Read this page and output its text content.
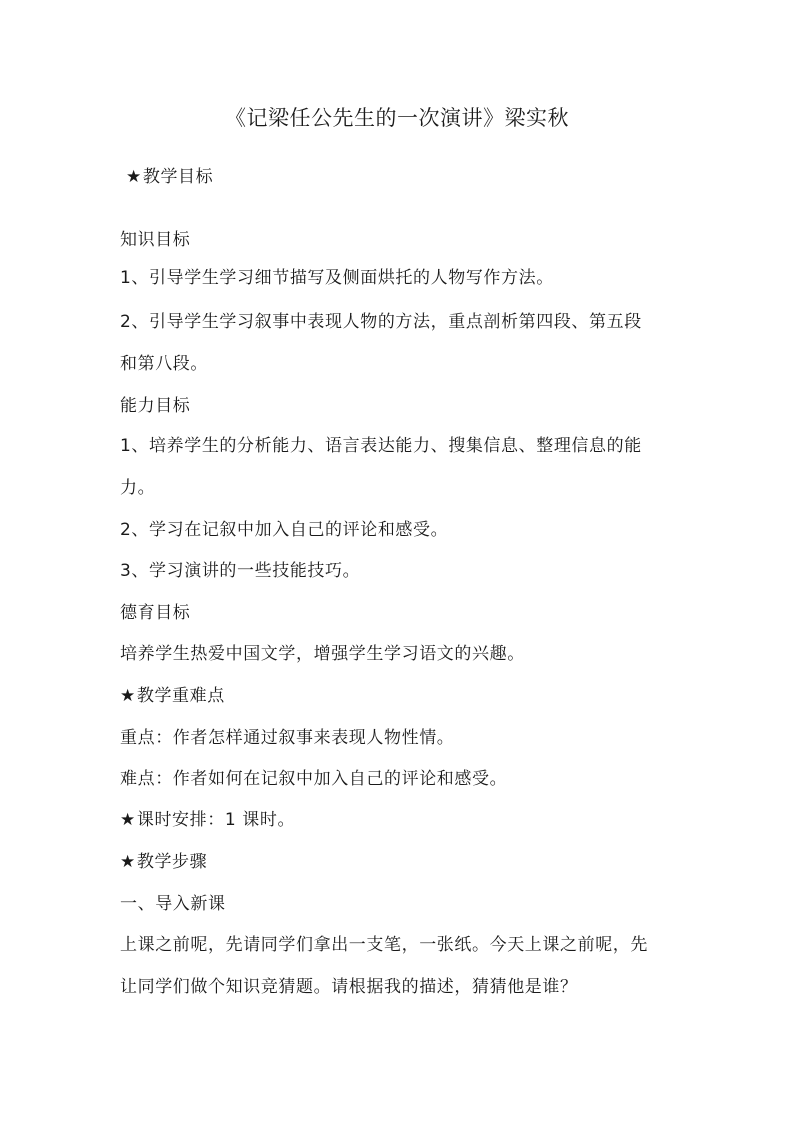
《记梁任公先生的一次演讲》梁实秋
★教学目标
知识目标
1、引导学生学习细节描写及侧面烘托的人物写作方法。
2、引导学生学习叙事中表现人物的方法，重点剖析第四段、第五段
和第八段。
能力目标
1、培养学生的分析能力、语言表达能力、搜集信息、整理信息的能
力。
2、学习在记叙中加入自己的评论和感受。
3、学习演讲的一些技能技巧。
德育目标
培养学生热爱中国文学，增强学生学习语文的兴趣。
★教学重难点
重点：作者怎样通过叙事来表现人物性情。
难点：作者如何在记叙中加入自己的评论和感受。
★课时安排：1 课时。
★教学步骤
一、导入新课
上课之前呢，先请同学们拿出一支笔，一张纸。今天上课之前呢，先
让同学们做个知识竞猜题。请根据我的描述，猜猜他是谁？
